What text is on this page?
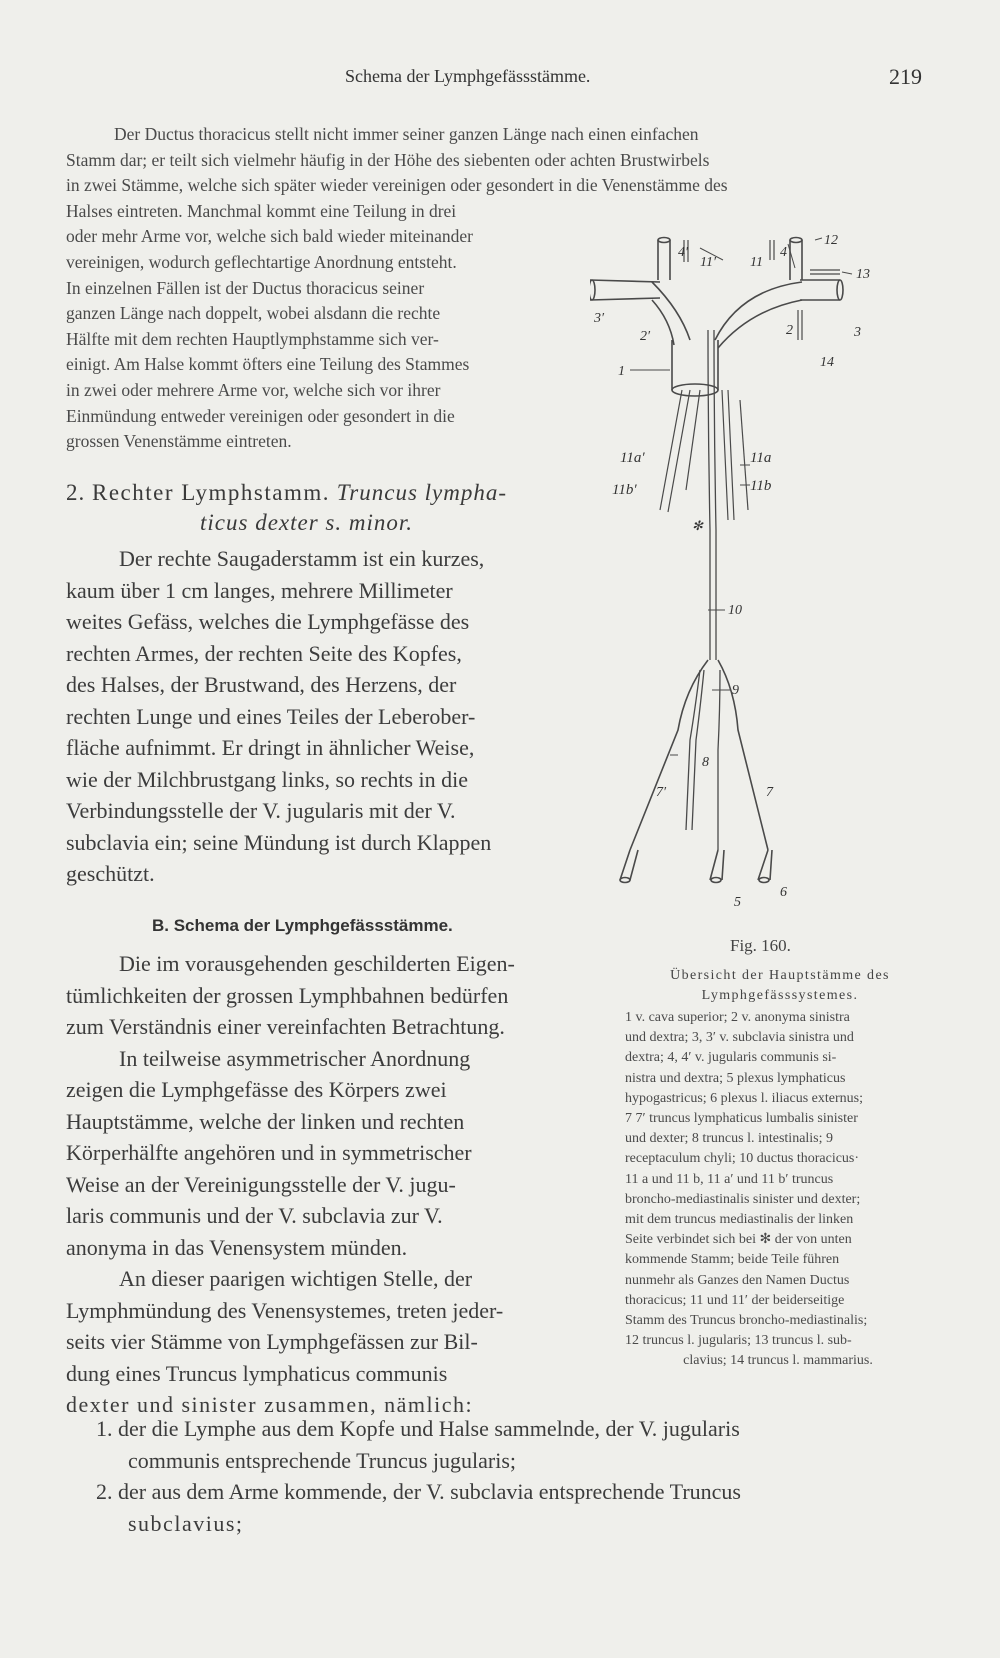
Schema der Lymphgefässstämme.	219
Der Ductus thoracicus stellt nicht immer seiner ganzen Länge nach einen einfachen
Stamm dar; er teilt sich vielmehr häufig in der Höhe des siebenten oder achten Brustwirbels
in zwei Stämme, welche sich später wieder vereinigen oder gesondert in die Venenstämme des
Halses eintreten. Manchmal kommt eine Teilung in drei
oder mehr Arme vor, welche sich bald wieder miteinander
vereinigen, wodurch geflechtartige Anordnung entsteht.
In einzelnen Fällen ist der Ductus thoracicus seiner
ganzen Länge nach doppelt, wobei alsdann die rechte
Hälfte mit dem rechten Hauptlymphstamme sich ver-
einigt. Am Halse kommt öfters eine Teilung des Stammes
in zwei oder mehrere Arme vor, welche sich vor ihrer
Einmündung entweder vereinigen oder gesondert in die
grossen Venenstämme eintreten.
2. Rechter Lymphstamm. Truncus lympha-
ticus dexter s. minor.
Der rechte Saugaderstamm ist ein kurzes,
kaum über 1 cm langes, mehrere Millimeter
weites Gefäss, welches die Lymphgefässe des
rechten Armes, der rechten Seite des Kopfes,
des Halses, der Brustwand, des Herzens, der
rechten Lunge und eines Teiles der Leberober-
fläche aufnimmt. Er dringt in ähnlicher Weise,
wie der Milchbrustgang links, so rechts in die
Verbindungsstelle der V. jugularis mit der V.
subclavia ein; seine Mündung ist durch Klappen
geschützt.
B. Schema der Lymphgefässstämme.
Die im vorausgehenden geschilderten Eigen-
tümlichkeiten der grossen Lymphbahnen bedürfen
zum Verständnis einer vereinfachten Betrachtung.
In teilweise asymmetrischer Anordnung
zeigen die Lymphgefässe des Körpers zwei
Hauptstämme, welche der linken und rechten
Körperhälfte angehören und in symmetrischer
Weise an der Vereinigungsstelle der V. jugu-
laris communis und der V. subclavia zur V.
anonyma in das Venensystem münden.
An dieser paarigen wichtigen Stelle, der
Lymphmündung des Venensystemes, treten jeder-
seits vier Stämme von Lymphgefässen zur Bil-
dung eines Truncus lymphaticus communis
dexter und sinister zusammen, nämlich:
1. der die Lymphe aus dem Kopfe und Halse sammelnde, der V. jugularis
communis entsprechende Truncus jugularis;
2. der aus dem Arme kommende, der V. subclavia entsprechende Truncus
subclavius;
4′
11′ 11
4
12
13
3′
2′	2	3
14
1
11a′	11a
11b′	11b
✻
10
9
8
7′	7
5
6
Fig. 160.
Übersicht der Hauptstämme des
Lymphgefässsystemes.
1 v. cava superior; 2 v. anonyma sinistra
und dextra; 3, 3′ v. subclavia sinistra und
dextra; 4, 4′ v. jugularis communis si-
nistra und dextra; 5 plexus lymphaticus
hypogastricus; 6 plexus l. iliacus externus;
7 7′ truncus lymphaticus lumbalis sinister
und dexter; 8 truncus l. intestinalis; 9
receptaculum chyli; 10 ductus thoracicus·
11 a und 11 b, 11 a′ und 11 b′ truncus
broncho-mediastinalis sinister und dexter;
mit dem truncus mediastinalis der linken
Seite verbindet sich bei ✻ der von unten
kommende Stamm; beide Teile führen
nunmehr als Ganzes den Namen Ductus
thoracicus; 11 und 11′ der beiderseitige
Stamm des Truncus broncho-mediastinalis;
12 truncus l. jugularis; 13 truncus l. sub-
clavius; 14 truncus l. mammarius.
